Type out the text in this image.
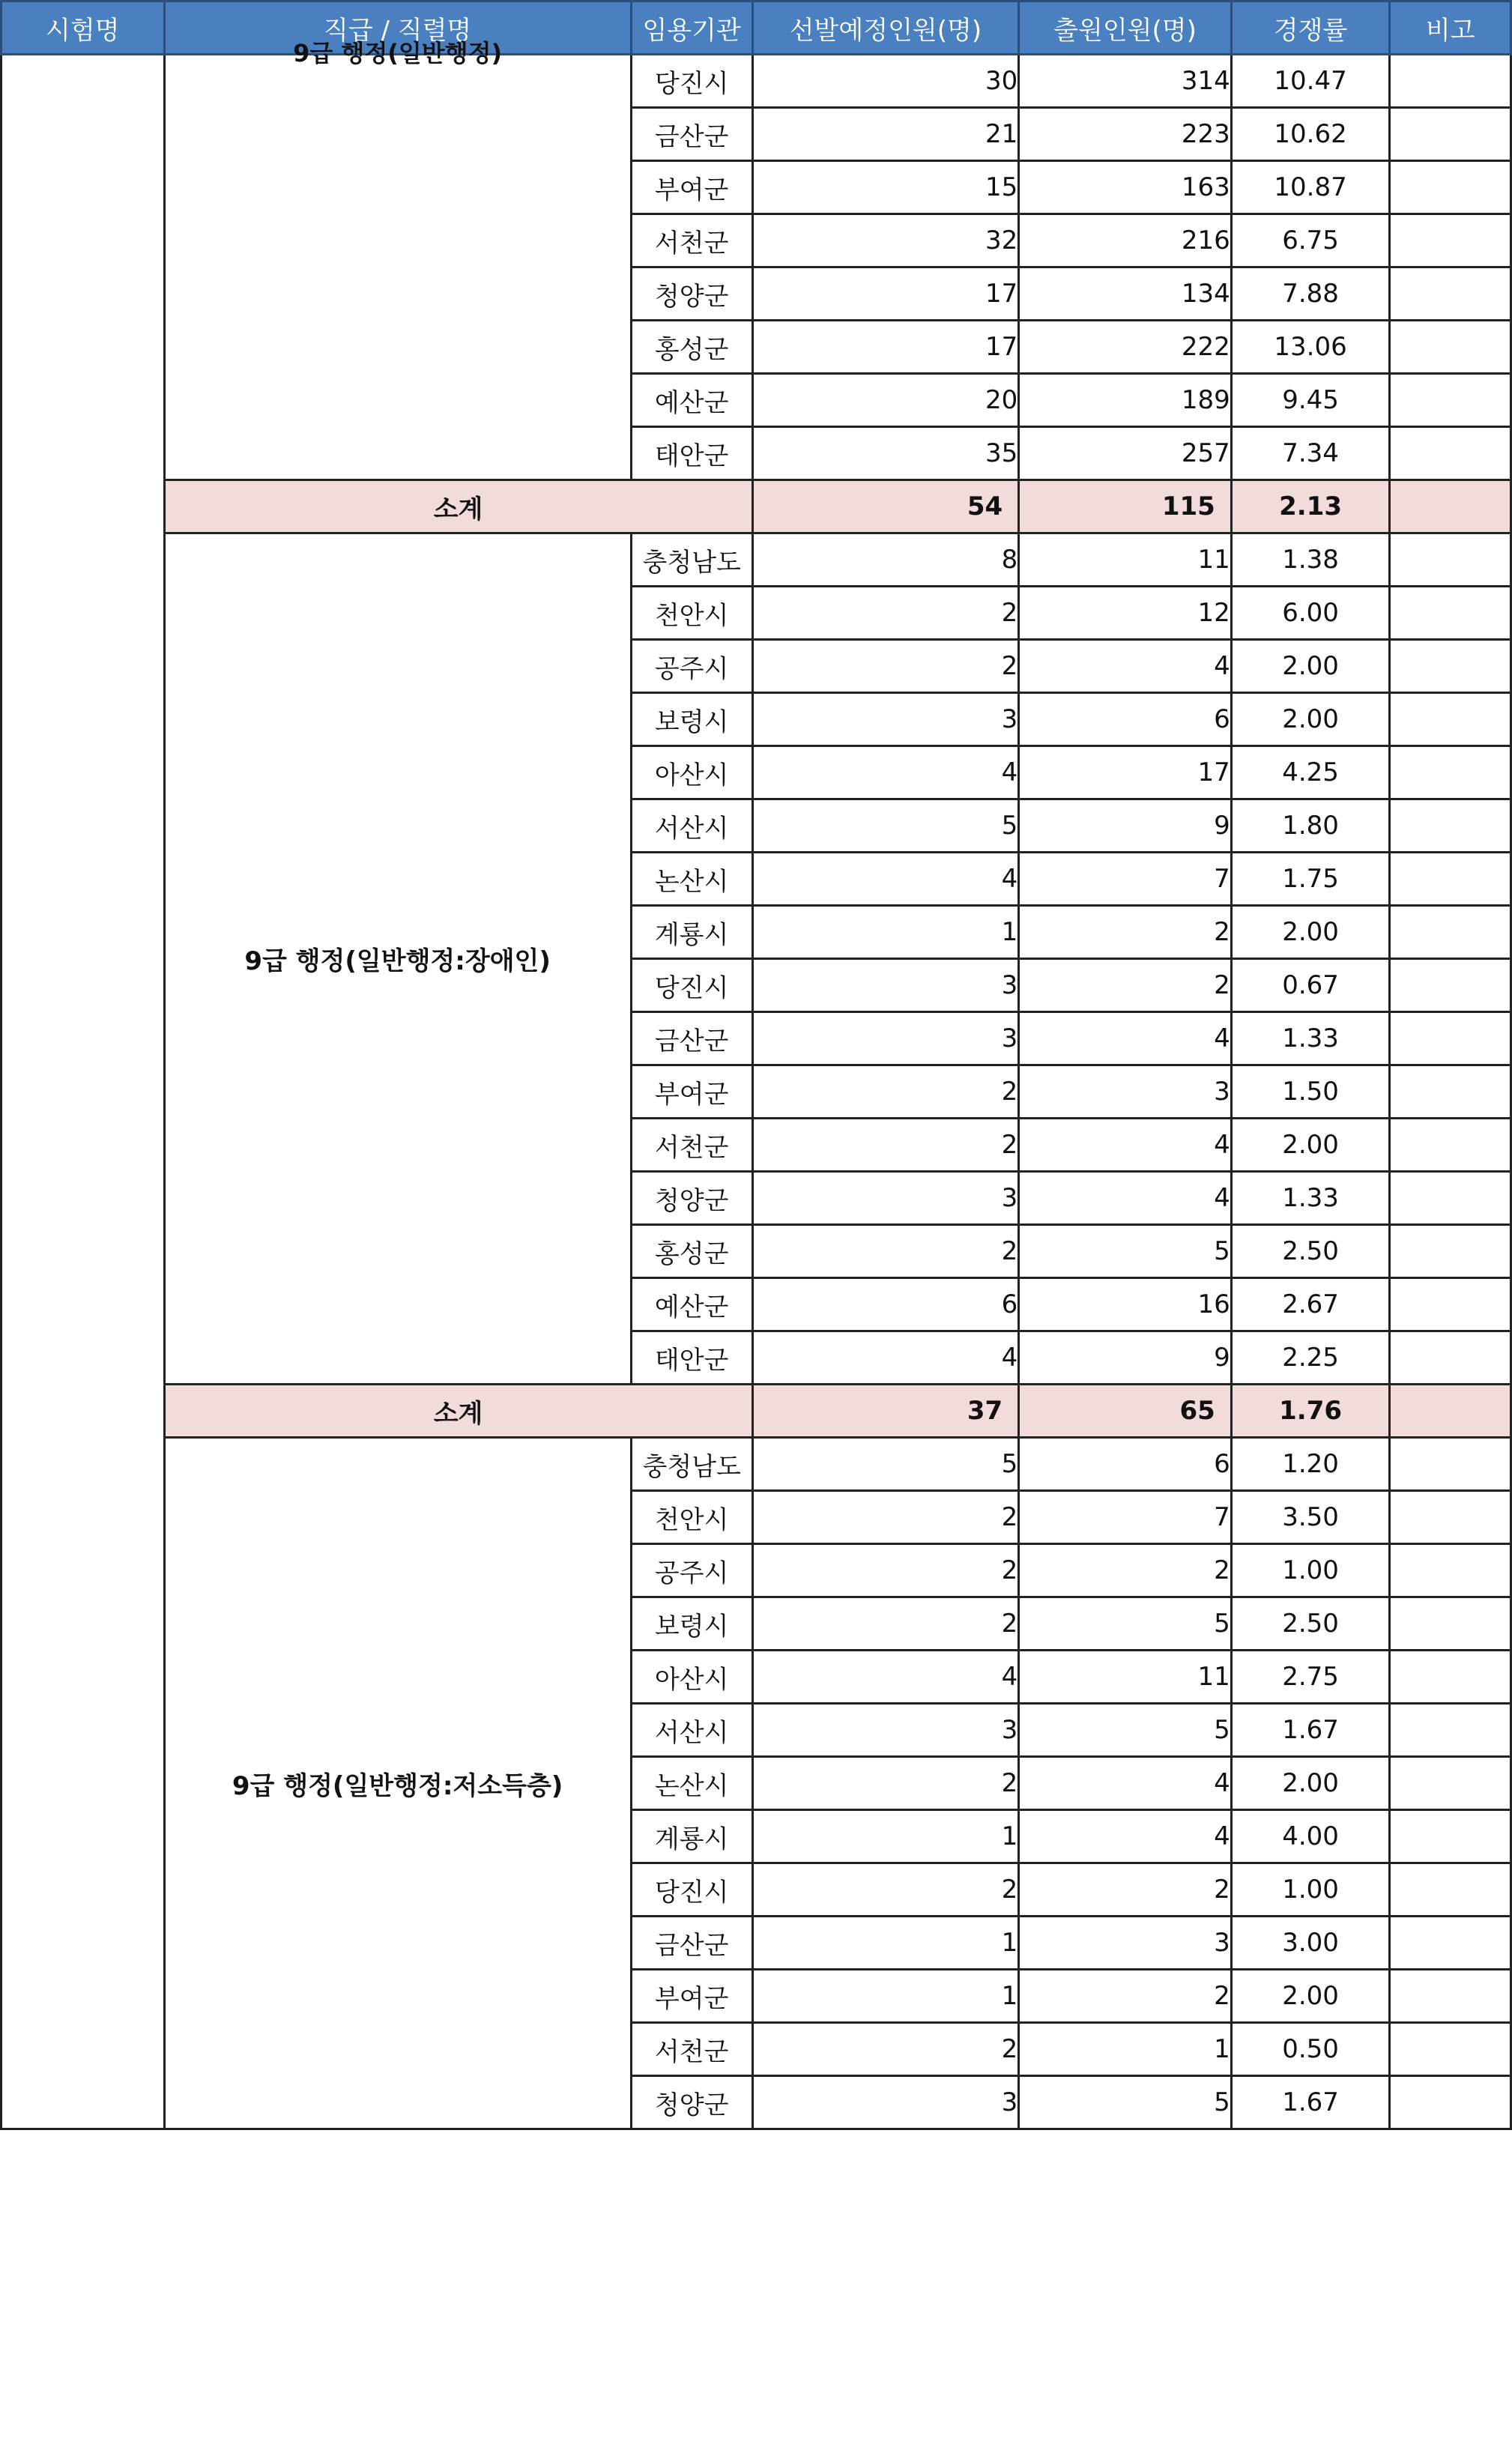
시험명	직급 / 직렬명	임용기관	선발예정인원(명)	출원인원(명)	경쟁률	비고

	9급 행정(일반행정)	당진시	30	314	10.47	
		금산군	21	223	10.62	
		부여군	15	163	10.87	
		서천군	32	216	6.75	
		청양군	17	134	7.88	
		홍성군	17	222	13.06	
		예산군	20	189	9.45	
		태안군	35	257	7.34	
	소계		54	115	2.13	
	9급 행정(일반행정:장애인)	충청남도	8	11	1.38	
		천안시	2	12	6.00	
		공주시	2	4	2.00	
		보령시	3	6	2.00	
		아산시	4	17	4.25	
		서산시	5	9	1.80	
		논산시	4	7	1.75	
		계룡시	1	2	2.00	
		당진시	3	2	0.67	
		금산군	3	4	1.33	
		부여군	2	3	1.50	
		서천군	2	4	2.00	
		청양군	3	4	1.33	
		홍성군	2	5	2.50	
		예산군	6	16	2.67	
		태안군	4	9	2.25	
	소계		37	65	1.76	
	9급 행정(일반행정:저소득층)	충청남도	5	6	1.20	
		천안시	2	7	3.50	
		공주시	2	2	1.00	
		보령시	2	5	2.50	
		아산시	4	11	2.75	
		서산시	3	5	1.67	
		논산시	2	4	2.00	
		계룡시	1	4	4.00	
		당진시	2	2	1.00	
		금산군	1	3	3.00	
		부여군	1	2	2.00	
		서천군	2	1	0.50	
		청양군	3	5	1.67	
